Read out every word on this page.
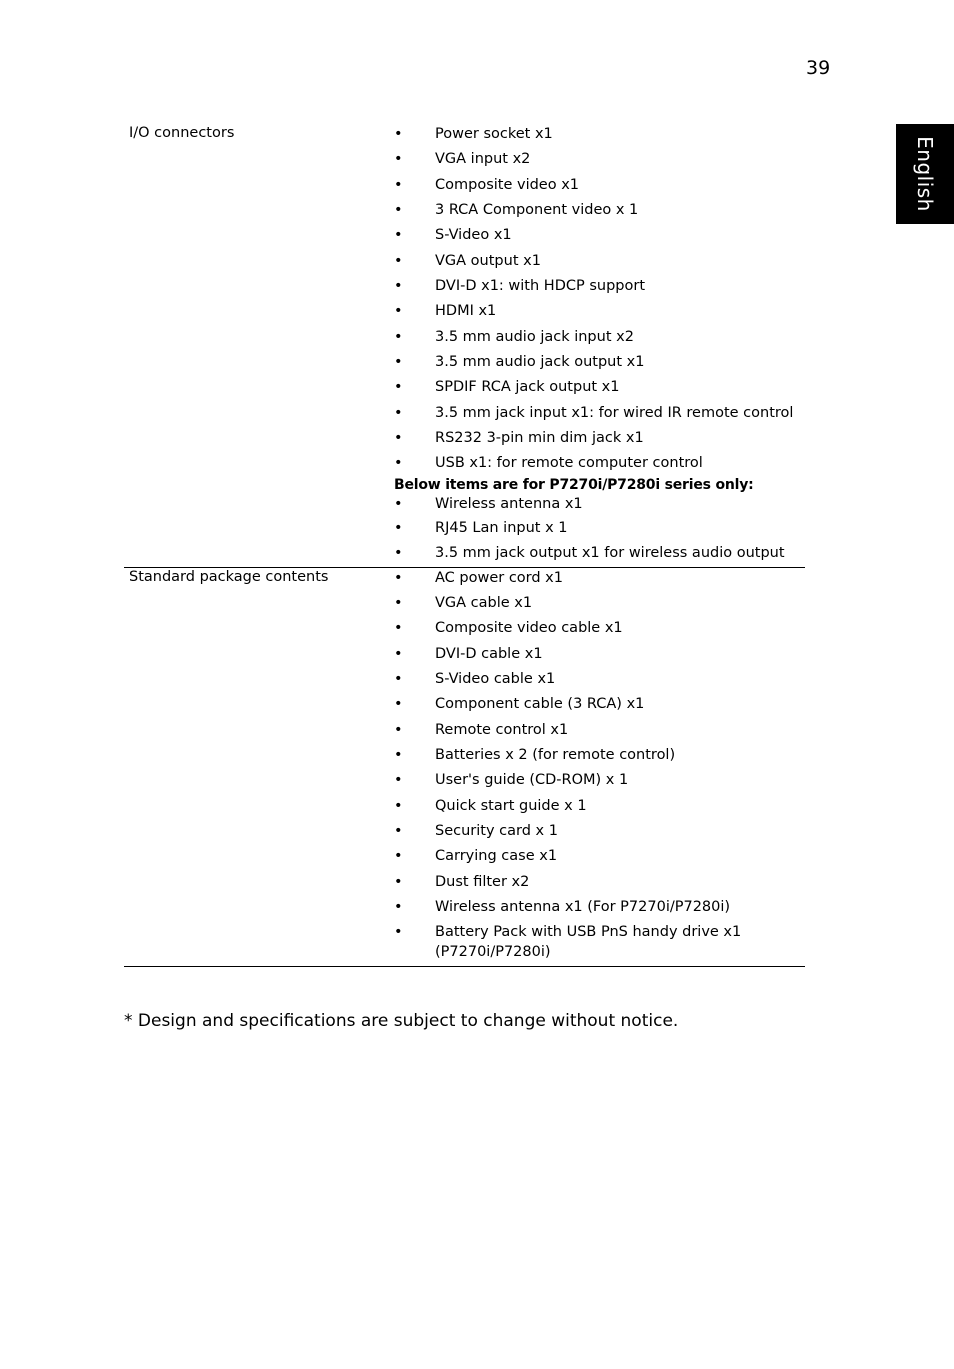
39
English
I/O connectors	• Power socket x1
• VGA input x2
• Composite video x1
• 3 RCA Component video x 1
• S-Video x1
• VGA output x1
• DVI-D x1: with HDCP support
• HDMI x1
• 3.5 mm audio jack input x2
• 3.5 mm audio jack output x1
• SPDIF RCA jack output x1
• 3.5 mm jack input x1: for wired IR remote control
• RS232 3-pin min dim jack x1
• USB x1: for remote computer control
Below items are for P7270i/P7280i series only:
• Wireless antenna x1
• RJ45 Lan input x 1
• 3.5 mm jack output x1 for wireless audio output
Standard package contents	• AC power cord x1
• VGA cable x1
• Composite video cable x1
• DVI-D cable x1
• S-Video cable x1
• Component cable (3 RCA) x1
• Remote control x1
• Batteries x 2 (for remote control)
• User's guide (CD-ROM) x 1
• Quick start guide x 1
• Security card x 1
• Carrying case x1
• Dust filter x2
• Wireless antenna x1 (For P7270i/P7280i)
• Battery Pack with USB PnS handy drive x1 (P7270i/P7280i)
* Design and specifications are subject to change without notice.
